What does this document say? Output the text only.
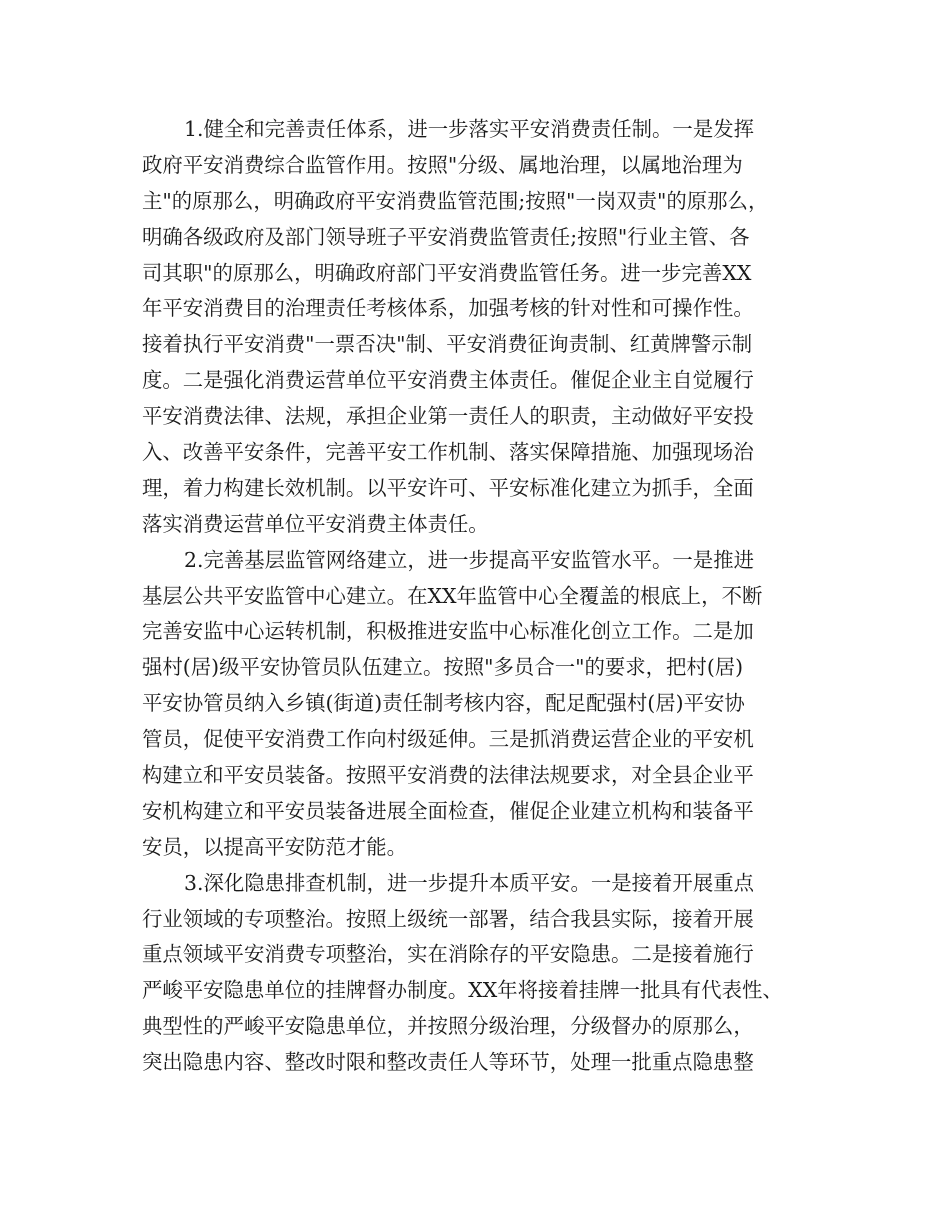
1.健全和完善责任体系，进一步落实平安消费责任制。一是发挥
政府平安消费综合监管作用。按照"分级、属地治理，以属地治理为
主"的原那么，明确政府平安消费监管范围;按照"一岗双责"的原那么，
明确各级政府及部门领导班子平安消费监管责任;按照"行业主管、各
司其职"的原那么，明确政府部门平安消费监管任务。进一步完善XX
年平安消费目的治理责任考核体系，加强考核的针对性和可操作性。
接着执行平安消费"一票否决"制、平安消费征询责制、红黄牌警示制
度。二是强化消费运营单位平安消费主体责任。催促企业主自觉履行
平安消费法律、法规，承担企业第一责任人的职责，主动做好平安投
入、改善平安条件，完善平安工作机制、落实保障措施、加强现场治
理，着力构建长效机制。以平安许可、平安标准化建立为抓手，全面
落实消费运营单位平安消费主体责任。
2.完善基层监管网络建立，进一步提高平安监管水平。一是推进
基层公共平安监管中心建立。在XX年监管中心全覆盖的根底上，不断
完善安监中心运转机制，积极推进安监中心标准化创立工作。二是加
强村(居)级平安协管员队伍建立。按照"多员合一"的要求，把村(居)
平安协管员纳入乡镇(街道)责任制考核内容，配足配强村(居)平安协
管员，促使平安消费工作向村级延伸。三是抓消费运营企业的平安机
构建立和平安员装备。按照平安消费的法律法规要求，对全县企业平
安机构建立和平安员装备进展全面检查，催促企业建立机构和装备平
安员，以提高平安防范才能。
3.深化隐患排查机制，进一步提升本质平安。一是接着开展重点
行业领域的专项整治。按照上级统一部署，结合我县实际，接着开展
重点领域平安消费专项整治，实在消除存的平安隐患。二是接着施行
严峻平安隐患单位的挂牌督办制度。XX年将接着挂牌一批具有代表性、
典型性的严峻平安隐患单位，并按照分级治理，分级督办的原那么，
突出隐患内容、整改时限和整改责任人等环节，处理一批重点隐患整
